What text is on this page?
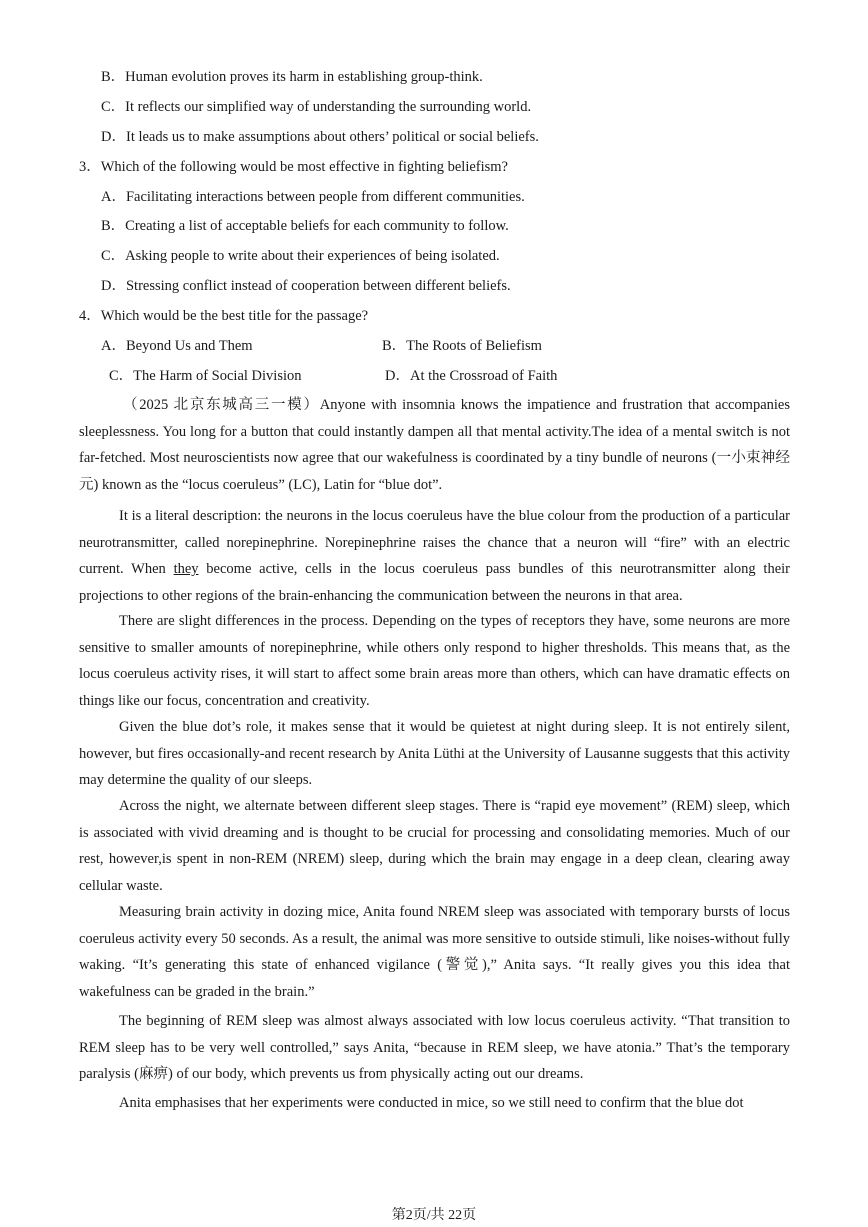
B．Human evolution proves its harm in establishing group-think.
C．It reflects our simplified way of understanding the surrounding world.
D．It leads us to make assumptions about others’ political or social beliefs.
3．Which of the following would be most effective in fighting beliefism?
A．Facilitating interactions between people from different communities.
B．Creating a list of acceptable beliefs for each community to follow.
C．Asking people to write about their experiences of being isolated.
D．Stressing conflict instead of cooperation between different beliefs.
4．Which would be the best title for the passage?
A．Beyond Us and Them	B．The Roots of Beliefism
C．The Harm of Social Division	D．At the Crossroad of Faith

（2025 北京东城高三一模）Anyone with insomnia knows the impatience and frustration that accompanies sleeplessness. You long for a button that could instantly dampen all that mental activity.The idea of a mental switch is not far-fetched. Most neuroscientists now agree that our wakefulness is coordinated by a tiny bundle of neurons (一小束神经元) known as the “locus coeruleus” (LC), Latin for “blue dot”.

It is a literal description: the neurons in the locus coeruleus have the blue colour from the production of a particular neurotransmitter, called norepinephrine. Norepinephrine raises the chance that a neuron will “fire” with an electric current. When they become active, cells in the locus coeruleus pass bundles of this neurotransmitter along their projections to other regions of the brain-enhancing the communication between the neurons in that area.

There are slight differences in the process. Depending on the types of receptors they have, some neurons are more sensitive to smaller amounts of norepinephrine, while others only respond to higher thresholds. This means that, as the locus coeruleus activity rises, it will start to affect some brain areas more than others, which can have dramatic effects on things like our focus, concentration and creativity.

Given the blue dot’s role, it makes sense that it would be quietest at night during sleep. It is not entirely silent, however, but fires occasionally-and recent research by Anita Lüthi at the University of Lausanne suggests that this activity may determine the quality of our sleeps.

Across the night, we alternate between different sleep stages. There is “rapid eye movement” (REM) sleep, which is associated with vivid dreaming and is thought to be crucial for processing and consolidating memories. Much of our rest, however,is spent in non-REM (NREM) sleep, during which the brain may engage in a deep clean, clearing away cellular waste.

Measuring brain activity in dozing mice, Anita found NREM sleep was associated with temporary bursts of locus coeruleus activity every 50 seconds. As a result, the animal was more sensitive to outside stimuli, like noises-without fully waking. “It’s generating this state of enhanced vigilance (警觉),” Anita says. “It really gives you this idea that wakefulness can be graded in the brain.”

The beginning of REM sleep was almost always associated with low locus coeruleus activity. “That transition to REM sleep has to be very well controlled,” says Anita, “because in REM sleep, we have atonia.” That’s the temporary paralysis (麻痹) of our body, which prevents us from physically acting out our dreams.

Anita emphasises that her experiments were conducted in mice, so we still need to confirm that the blue dot

第2页/共 22页
